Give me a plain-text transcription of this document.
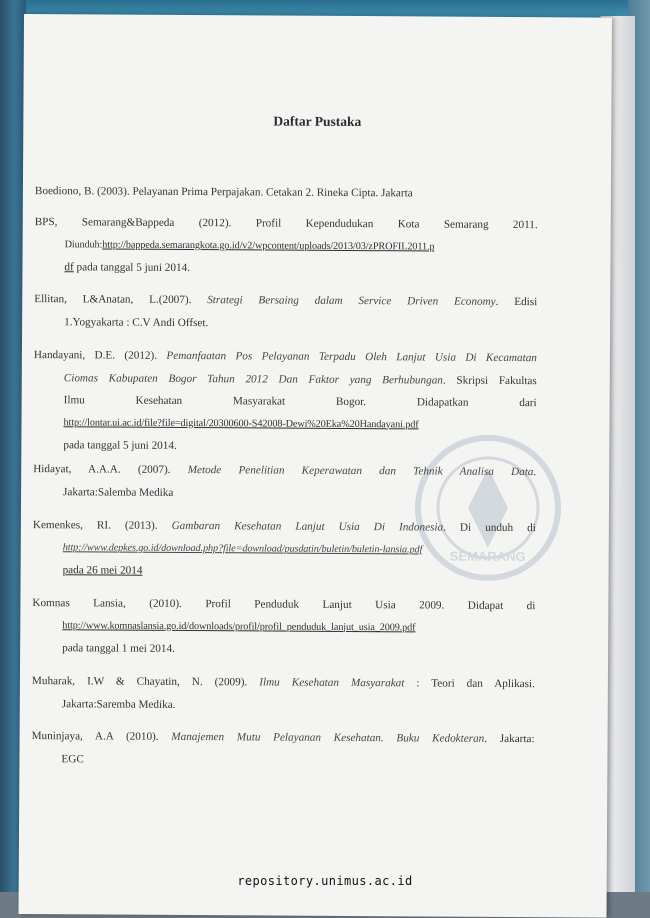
SEMARANG
Daftar Pustaka
Boediono, B. (2003). Pelayanan Prima Perpajakan. Cetakan 2. Rineka Cipta. Jakarta
BPS, Semarang&Bappeda (2012). Profil Kependudukan Kota Semarang 2011.
Diunduh:http://bappeda.semarangkota.go.id/v2/wpcontent/uploads/2013/03/zPROFIL2011.p
df pada tanggal 5 juni 2014.
Ellitan, L&Anatan, L.(2007). Strategi Bersaing dalam Service Driven Economy. Edisi
1.Yogyakarta : C.V Andi Offset.
Handayani, D.E. (2012). Pemanfaatan Pos Pelayanan Terpadu Oleh Lanjut Usia Di Kecamatan
Ciomas Kabupaten Bogor Tahun 2012 Dan Faktor yang Berhubungan. Skripsi Fakultas
Ilmu Kesehatan Masyarakat Bogor. Didapatkan dari
http://lontar.ui.ac.id/file?file=digital/20300600-S42008-Dewi%20Eka%20Handayani.pdf
pada tanggal 5 juni 2014.
Hidayat, A.A.A. (2007). Metode Penelitian Keperawatan dan Tehnik Analisa Data.
Jakarta:Salemba Medika
Kemenkes, RI. (2013). Gambaran Kesehatan Lanjut Usia Di Indonesia. Di unduh di
http://www.depkes.go.id/download.php?file=download/pusdatin/buletin/buletin-lansia.pdf
pada 26 mei 2014
Komnas Lansia, (2010). Profil Penduduk Lanjut Usia 2009. Didapat di
http://www.komnaslansia.go.id/downloads/profil/profil_penduduk_lanjut_usia_2009.pdf
pada tanggal 1 mei 2014.
Muharak, I.W & Chayatin, N. (2009). Ilmu Kesehatan Masyarakat : Teori dan Aplikasi.
Jakarta:Saremba Medika.
Muninjaya, A.A (2010). Manajemen Mutu Pelayanan Kesehatan. Buku Kedokteran. Jakarta:
EGC
repository.unimus.ac.id
